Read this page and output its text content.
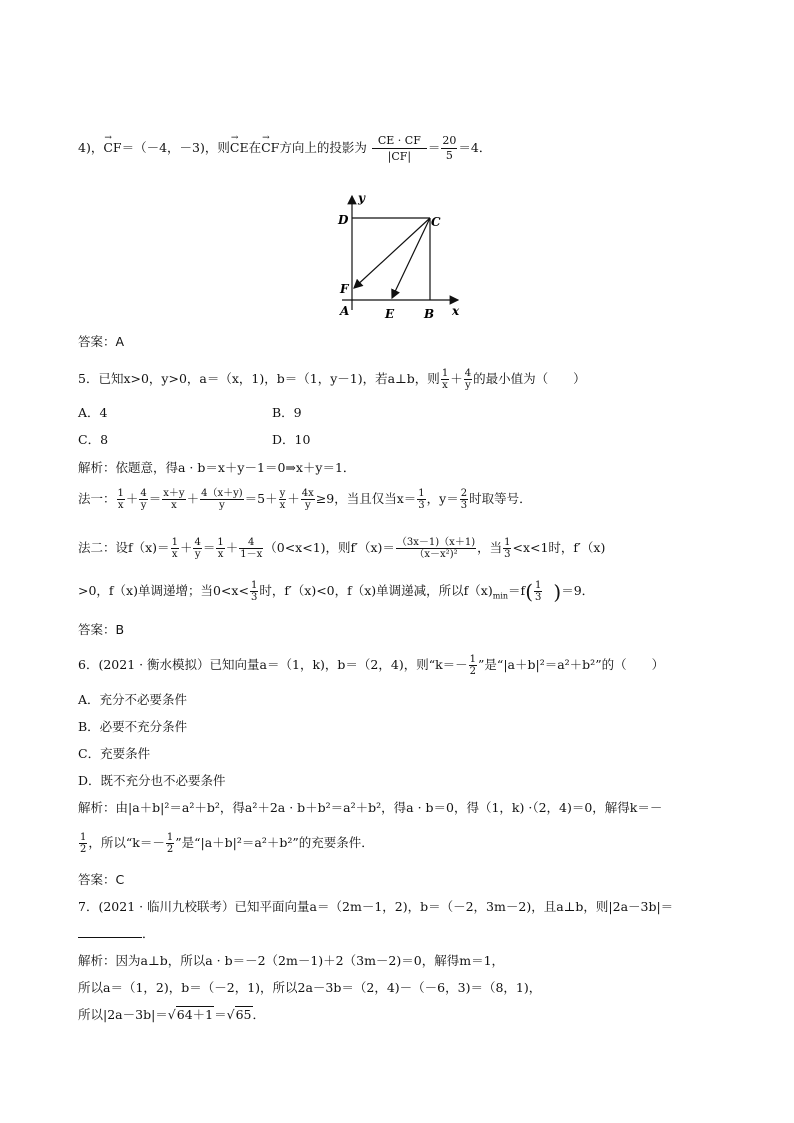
4)，→ CF＝（－4，－3)，则→ CE在→ CF方向上的投影为 $\frac{CE \cdot CF}{|CF|} = \frac{20}{5} =4$．
y
x
D	C
F
A	E B
答案：A
5．已知x>0，y>0，a＝（x，1)，b＝（1，y－1)，若a⊥b，则 $\frac{1}{x} + \frac{4}{y}$ 的最小值为（　　）
A．4	B．9
C．8	D．10
解析：依题意，得a · b＝x＋y－1＝0⇒x＋y＝1．
法一： $\frac{1}{x} + \frac{4}{y} = \frac{x+y}{x} + \frac{4(x+y)}{y} =5+ \frac{y}{x} + \frac{4x}{y} \ge 9$，当且仅当$x= \frac{1}{3}$ ，$y= \frac{2}{3}$ 时取等号．
法二：设$f(x)= \frac{1}{x} + \frac{4}{y} = \frac{1}{x} + \frac{4}{1-x} (0<x<1)$，则$f'(x)= \frac{(3x-1)(x+1)}{\text{（x－x²)²}}$ ，当 $\frac{1}{3} <x<1$时，f′（x)
>0，f（x)单调递增；当$0<x< \frac{1}{3}$ 时，f′（x)<0，f（x)单调递减，所以$f(x)_{min}=f( \frac{1}{3} )=9$．
答案：B
6．(2021 · 衡水模拟）已知向量a＝（1，k)，b＝（2，4)，则“$k=- \frac{1}{2}$ ”是“|a＋b|²＝a²＋b²”的（　　）
A．充分不必要条件
B．必要不充分条件
C．充要条件
D．既不充分也不必要条件
解析：由|a＋b|²＝a²＋b²，得a²＋2a · b＋b²＝a²＋b²，得a · b＝0，得（1，k) ·（2，4)＝0，解得k＝－
$\frac{1}{2}$ ，所以“$k=- \frac{1}{2}$ ”是“|a＋b|²＝a²＋b²”的充要条件．
答案：C
7．(2021 · 临川九校联考）已知平面向量a＝（2m－1，2)，b＝（－2，3m－2)，且a⊥b，则|2a－3b|＝
．
解析：因为a⊥b，所以a · b＝－2（2m－1)＋2（3m－2)＝0，解得m＝1，
所以a＝（1，2)，b＝（－2，1)，所以2a－3b＝（2，4)－（－6，3)＝（8，1)，
所以|2a－3b|＝√64＋1＝√65．
